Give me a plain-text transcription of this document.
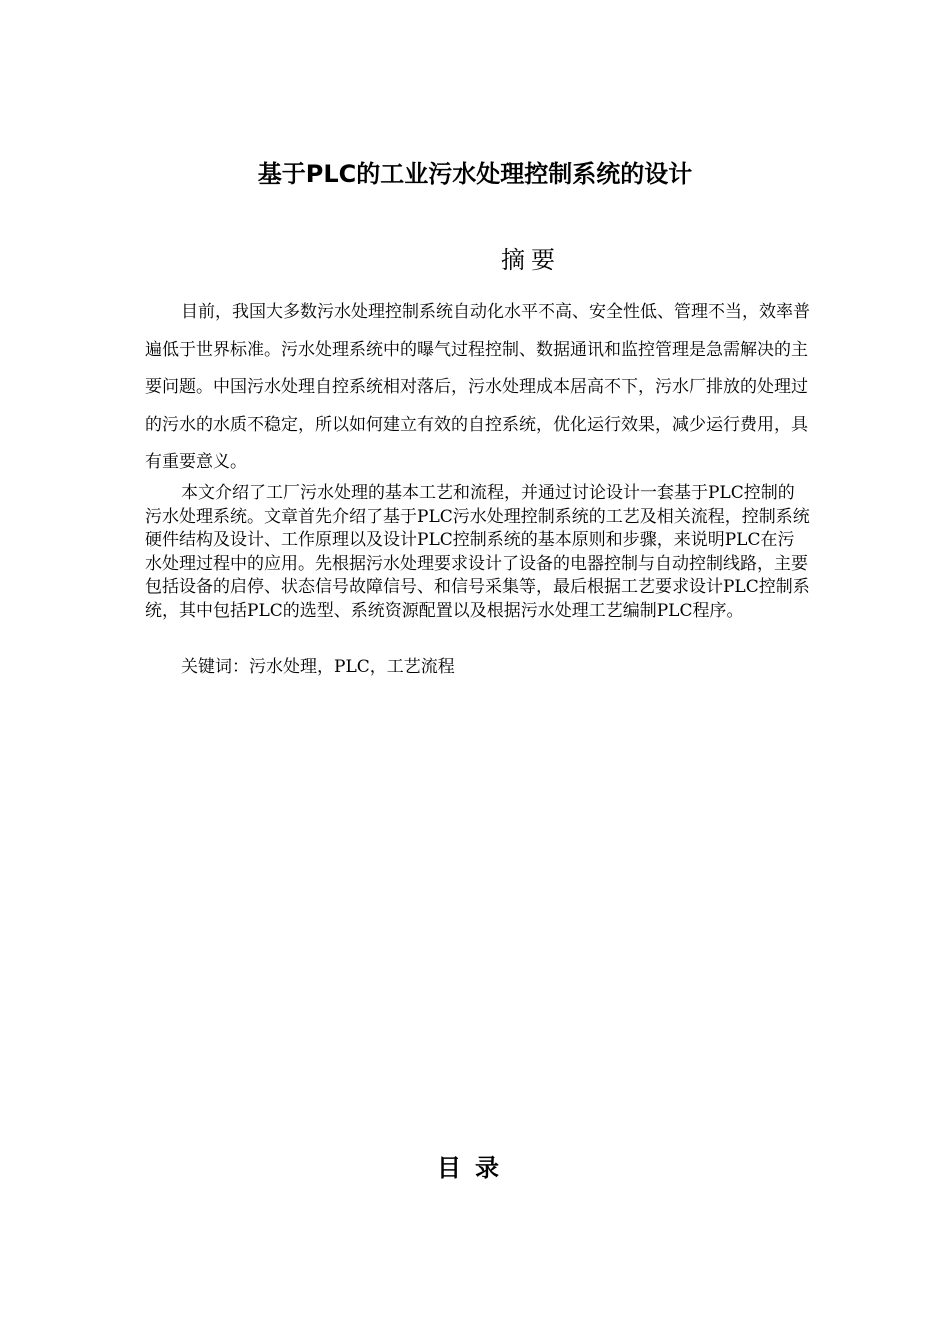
基于PLC的工业污水处理控制系统的设计
摘要
目前，我国大多数污水处理控制系统自动化水平不高、安全性低、管理不当，效率普遍低于世界标准。污水处理系统中的曝气过程控制、数据通讯和监控管理是急需解决的主要问题。中国污水处理自控系统相对落后，污水处理成本居高不下，污水厂排放的处理过的污水的水质不稳定，所以如何建立有效的自控系统，优化运行效果，减少运行费用，具有重要意义。
本文介绍了工厂污水处理的基本工艺和流程，并通过讨论设计一套基于PLC控制的污水处理系统。文章首先介绍了基于PLC污水处理控制系统的工艺及相关流程，控制系统硬件结构及设计、工作原理以及设计PLC控制系统的基本原则和步骤，来说明PLC在污水处理过程中的应用。先根据污水处理要求设计了设备的电器控制与自动控制线路，主要包括设备的启停、状态信号故障信号、和信号采集等，最后根据工艺要求设计PLC控制系统，其中包括PLC的选型、系统资源配置以及根据污水处理工艺编制PLC程序。
关键词：污水处理，PLC，工艺流程
目录
